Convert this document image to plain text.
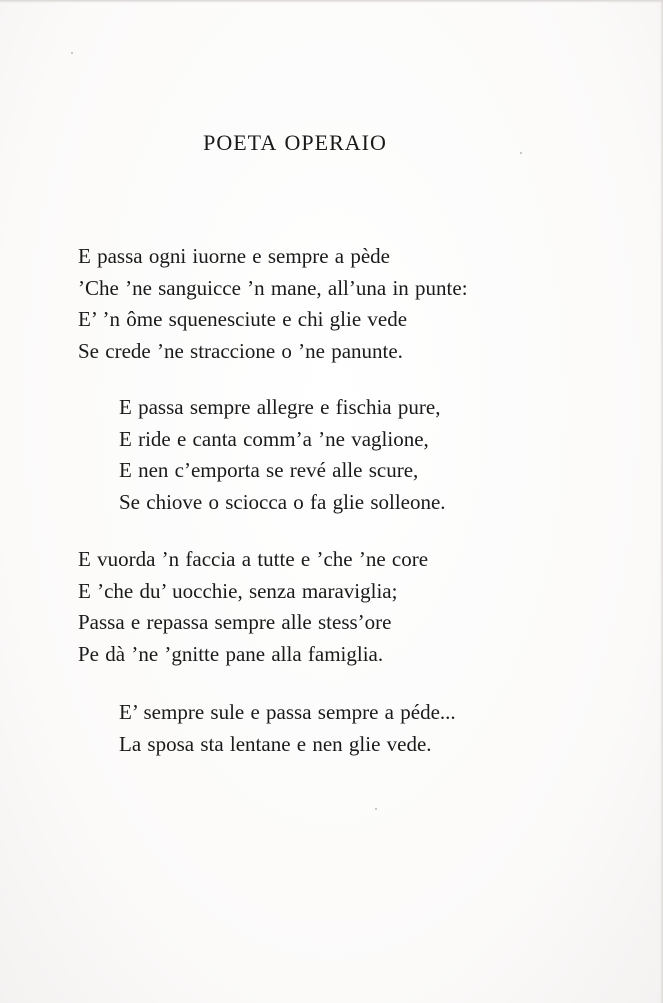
POETA OPERAIO
E passa ogni iuorne e sempre a pède
’Che ’ne sanguicce ’n mane, all’una in punte:
E’ ’n ôme squenesciute e chi glie vede
Se crede ’ne straccione o ’ne panunte.
E passa sempre allegre e fischia pure,
E ride e canta comm’a ’ne vaglione,
E nen c’emporta se revé alle scure,
Se chiove o sciocca o fa glie solleone.
E vuorda ’n faccia a tutte e ’che ’ne core
E ’che du’ uocchie, senza maraviglia;
Passa e repassa sempre alle stess’ore
Pe dà ’ne ’gnitte pane alla famiglia.
E’ sempre sule e passa sempre a péde...
La sposa sta lentane e nen glie vede.
